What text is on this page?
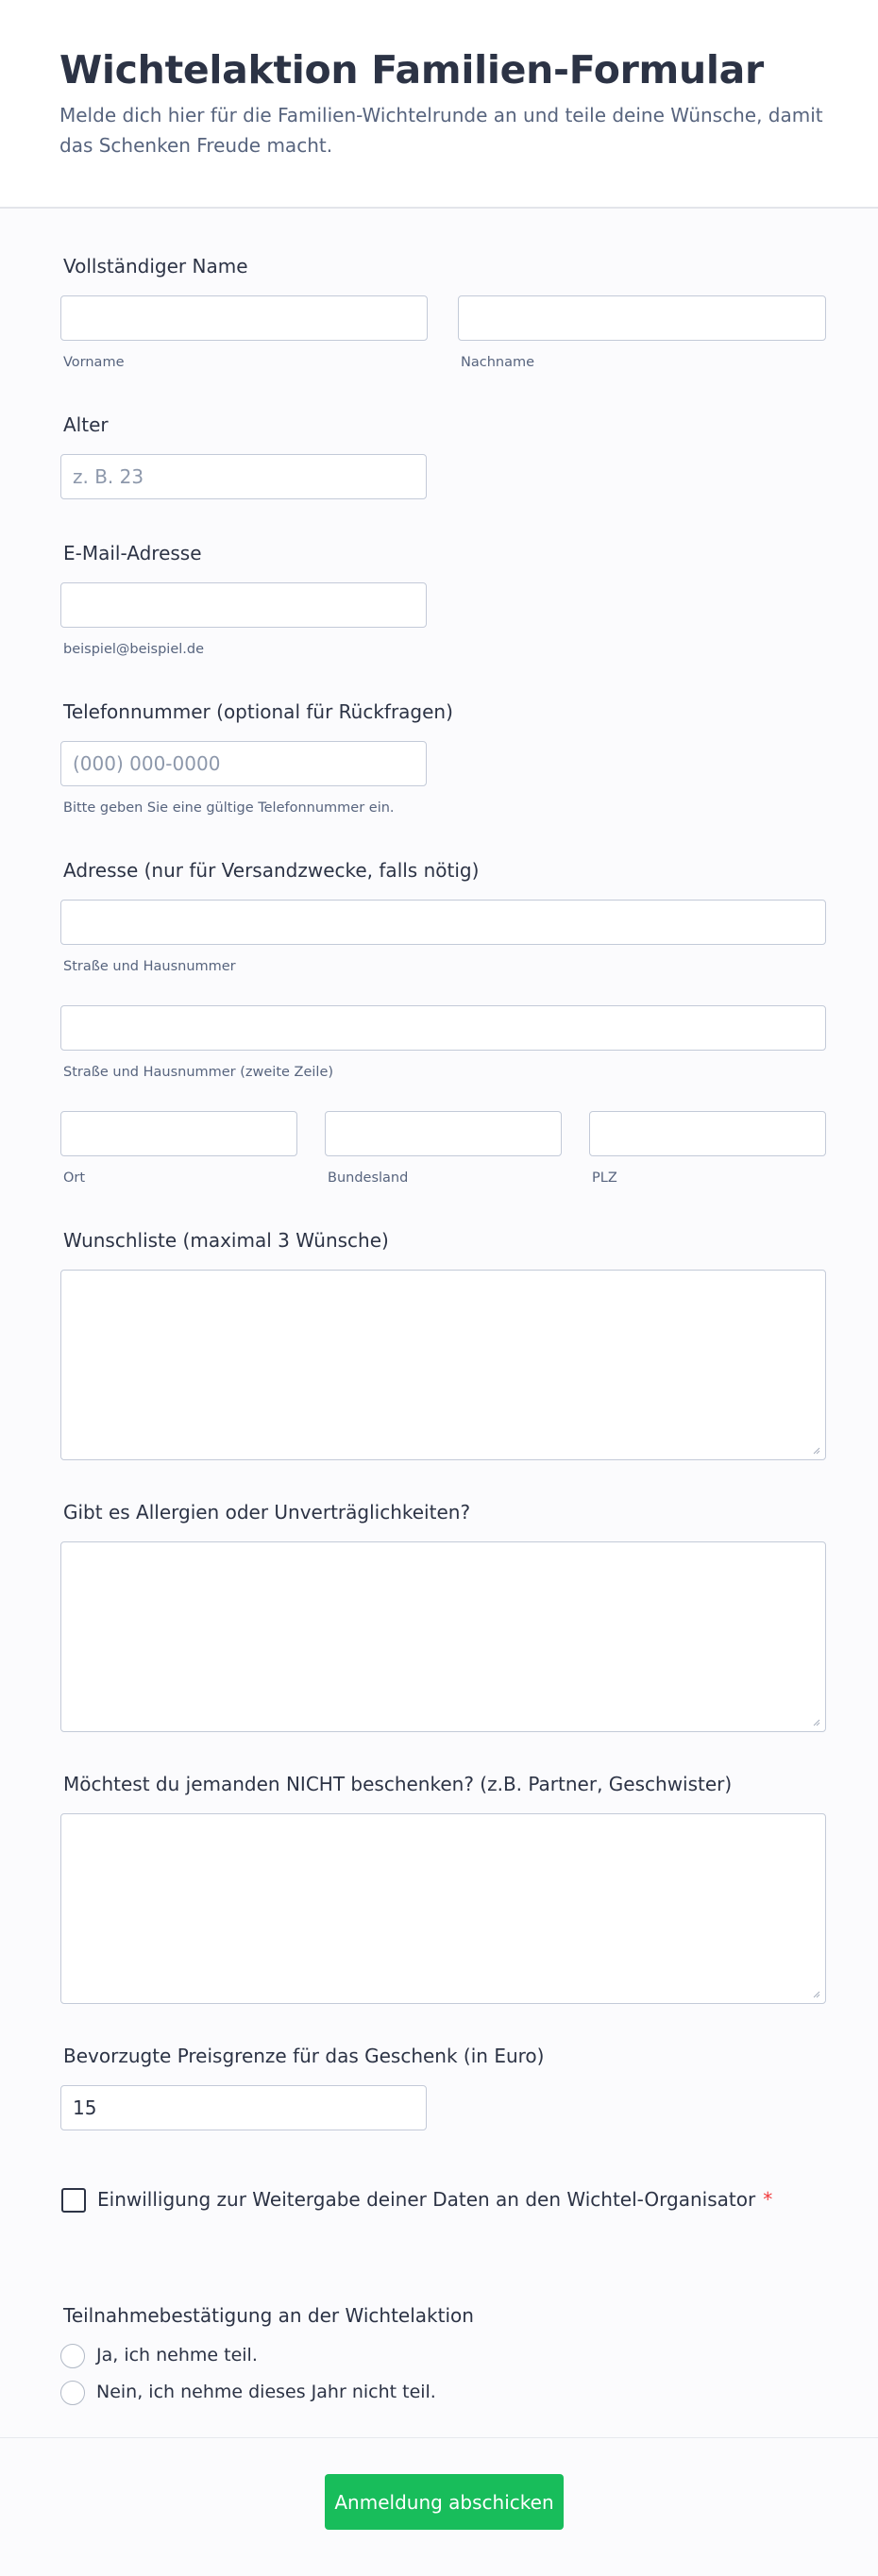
Wichtelaktion Familien-Formular

Melde dich hier für die Familien-Wichtelrunde an und teile deine Wünsche, damit das Schenken Freude macht.

Vollständiger Name
Vorname	Nachname
Alter
z. B. 23
E-Mail-Adresse
beispiel@beispiel.de
Telefonnummer (optional für Rückfragen)
(000) 000-0000
Bitte geben Sie eine gültige Telefonnummer ein.
Adresse (nur für Versandzwecke, falls nötig)
Straße und Hausnummer
Straße und Hausnummer (zweite Zeile)
Ort	Bundesland	PLZ
Wunschliste (maximal 3 Wünsche)
Gibt es Allergien oder Unverträglichkeiten?
Möchtest du jemanden NICHT beschenken? (z.B. Partner, Geschwister)
Bevorzugte Preisgrenze für das Geschenk (in Euro)
15
Einwilligung zur Weitergabe deiner Daten an den Wichtel-Organisator *
Teilnahmebestätigung an der Wichtelaktion
Ja, ich nehme teil.
Nein, ich nehme dieses Jahr nicht teil.
Anmeldung abschicken
